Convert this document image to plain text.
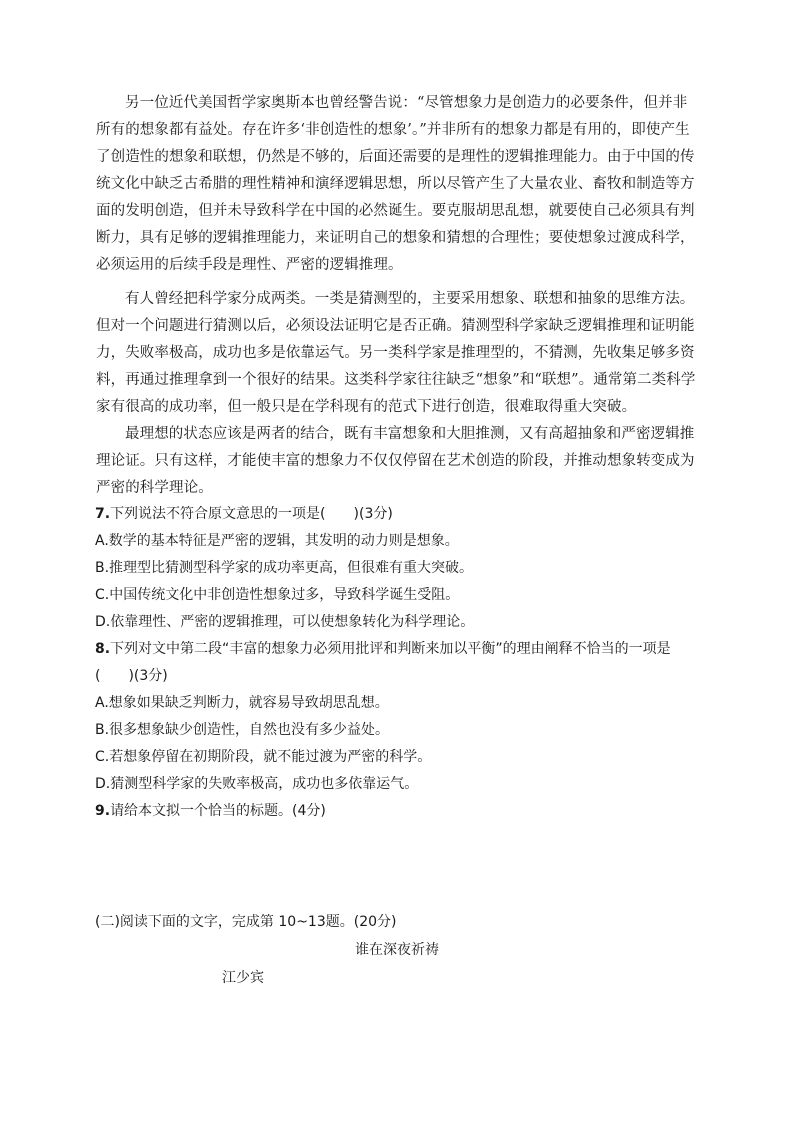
另一位近代美国哲学家奥斯本也曾经警告说：“尽管想象力是创造力的必要条件，但并非所有的想象都有益处。存在许多‘非创造性的想象’。”并非所有的想象力都是有用的，即使产生了创造性的想象和联想，仍然是不够的，后面还需要的是理性的逻辑推理能力。由于中国的传统文化中缺乏古希腊的理性精神和演绎逻辑思想，所以尽管产生了大量农业、畜牧和制造等方面的发明创造，但并未导致科学在中国的必然诞生。要克服胡思乱想，就要使自己必须具有判断力，具有足够的逻辑推理能力，来证明自己的想象和猜想的合理性；要使想象过渡成科学，必须运用的后续手段是理性、严密的逻辑推理。

有人曾经把科学家分成两类。一类是猜测型的，主要采用想象、联想和抽象的思维方法。但对一个问题进行猜测以后，必须设法证明它是否正确。猜测型科学家缺乏逻辑推理和证明能力，失败率极高，成功也多是依靠运气。另一类科学家是推理型的，不猜测，先收集足够多资料，再通过推理拿到一个很好的结果。这类科学家往往缺乏“想象”和“联想”。通常第二类科学家有很高的成功率，但一般只是在学科现有的范式下进行创造，很难取得重大突破。

最理想的状态应该是两者的结合，既有丰富想象和大胆推测，又有高超抽象和严密逻辑推理论证。只有这样，才能使丰富的想象力不仅仅停留在艺术创造的阶段，并推动想象转变成为严密的科学理论。

7.下列说法不符合原文意思的一项是(　　)(3分)

A.数学的基本特征是严密的逻辑，其发明的动力则是想象。

B.推理型比猜测型科学家的成功率更高，但很难有重大突破。

C.中国传统文化中非创造性想象过多，导致科学诞生受阻。

D.依靠理性、严密的逻辑推理，可以使想象转化为科学理论。

8.下列对文中第二段“丰富的想象力必须用批评和判断来加以平衡”的理由阐释不恰当的一项是

(　　)(3分)

A.想象如果缺乏判断力，就容易导致胡思乱想。

B.很多想象缺少创造性，自然也没有多少益处。

C.若想象停留在初期阶段，就不能过渡为严密的科学。

D.猜测型科学家的失败率极高，成功也多依靠运气。

9.请给本文拟一个恰当的标题。(4分)

(二)阅读下面的文字，完成第 10~13题。(20分)

谁在深夜祈祷

江少宾
